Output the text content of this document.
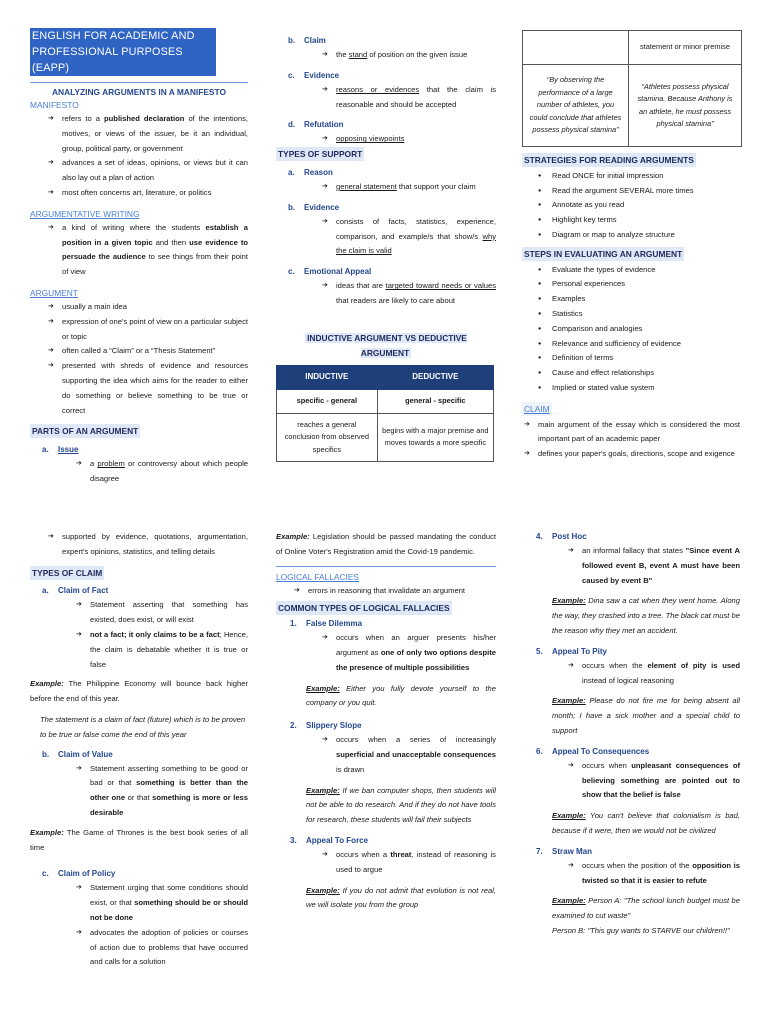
ENGLISH FOR ACADEMIC AND PROFESSIONAL PURPOSES (EAPP)
ANALYZING ARGUMENTS IN A MANIFESTO
MANIFESTO
➔ refers to a published declaration of the intentions, motives, or views of the issuer, be it an individual, group, political party, or government
➔ advances a set of ideas, opinions, or views but it can also lay out a plan of action
➔ most often concerns art, literature, or politics
ARGUMENTATIVE WRITING
➔ a kind of writing where the students establish a position in a given topic and then use evidence to persuade the audience to see things from their point of view
ARGUMENT
➔ usually a main idea
➔ expression of one's point of view on a particular subject or topic
➔ often called a “Claim” or a “Thesis Statement”
➔ presented with shreds of evidence and resources supporting the idea which aims for the reader to either do something or believe something to be true or correct
PARTS OF AN ARGUMENT
a. Issue
➔ a problem or controversy about which people disagree
b. Claim
➔ the stand of position on the given issue
c. Evidence
➔ reasons or evidences that the claim is reasonable and should be accepted
d. Refutation
➔ opposing viewpoints
TYPES OF SUPPORT
a. Reason
➔ general statement that support your claim
b. Evidence
➔ consists of facts, statistics, experience, comparison, and example/s that show/s why the claim is valid
c. Emotional Appeal
➔ ideas that are targeted toward needs or values that readers are likely to care about
INDUCTIVE ARGUMENT VS DEDUCTIVE ARGUMENT
INDUCTIVE	DEDUCTIVE
specific - general	general - specific
reaches a general conclusion from observed specifics	begins with a major premise and moves towards a more specific
	statement or minor premise
“By observing the performance of a large number of athletes, you could conclude that athletes possess physical stamina”	“Athletes possess physical stamina. Because Anthony is an athlete, he must possess physical stamina”
STRATEGIES FOR READING ARGUMENTS
● Read ONCE for initial impression
● Read the argument SEVERAL more times
● Annotate as you read
● Highlight key terms
● Diagram or map to analyze structure
STEPS IN EVALUATING AN ARGUMENT
● Evaluate the types of evidence
● Personal experiences
● Examples
● Statistics
● Comparison and analogies
● Relevance and sufficiency of evidence
● Definition of terms
● Cause and effect relationships
● Implied or stated value system
CLAIM
➔ main argument of the essay which is considered the most important part of an academic paper
➔ defines your paper's goals, directions, scope and exigence
➔ supported by evidence, quotations, argumentation, expert's opinions, statistics, and telling details
TYPES OF CLAIM
a. Claim of Fact
➔ Statement asserting that something has existed, does exist, or will exist
➔ not a fact; it only claims to be a fact; Hence, the claim is debatable whether it is true or false
Example: The Philippine Economy will bounce back higher before the end of this year.
The statement is a claim of fact (future) which is to be proven to be true or false come the end of this year
b. Claim of Value
➔ Statement asserting something to be good or bad or that something is better than the other one or that something is more or less desirable
Example: The Game of Thrones is the best book series of all time
c. Claim of Policy
➔ Statement urging that some conditions should exist, or that something should be or should not be done
➔ advocates the adoption of policies or courses of action due to problems that have occurred and calls for a solution
Example: Legislation should be passed mandating the conduct of Online Voter's Registration amid the Covid-19 pandemic.
LOGICAL FALLACIES
➔ errors in reasoning that invalidate an argument
COMMON TYPES OF LOGICAL FALLACIES
1. False Dilemma
➔ occurs when an arguer presents his/her argument as one of only two options despite the presence of multiple possibilities
Example: Either you fully devote yourself to the company or you quit.
2. Slippery Slope
➔ occurs when a series of increasingly superficial and unacceptable consequences is drawn
Example: If we ban computer shops, then students will not be able to do research. And if they do not have tools for research, these students will fail their subjects
3. Appeal To Force
➔ occurs when a threat, instead of reasoning is used to argue
Example: If you do not admit that evolution is not real, we will isolate you from the group
4. Post Hoc
➔ an informal fallacy that states "Since event A followed event B, event A must have been caused by event B"
Example: Dina saw a cat when they went home. Along the way, they crashed into a tree. The black cat must be the reason why they met an accident.
5. Appeal To Pity
➔ occurs when the element of pity is used instead of logical reasoning
Example: Please do not fire me for being absent all month; I have a sick mother and a special child to support
6. Appeal To Consequences
➔ occurs when unpleasant consequences of believing something are pointed out to show that the belief is false
Example: You can't believe that colonialism is bad, because if it were, then we would not be civilized
7. Straw Man
➔ occurs when the position of the opposition is twisted so that it is easier to refute
Example: Person A: "The school lunch budget must be examined to cut waste"
Person B: "This guy wants to STARVE our children!!"
